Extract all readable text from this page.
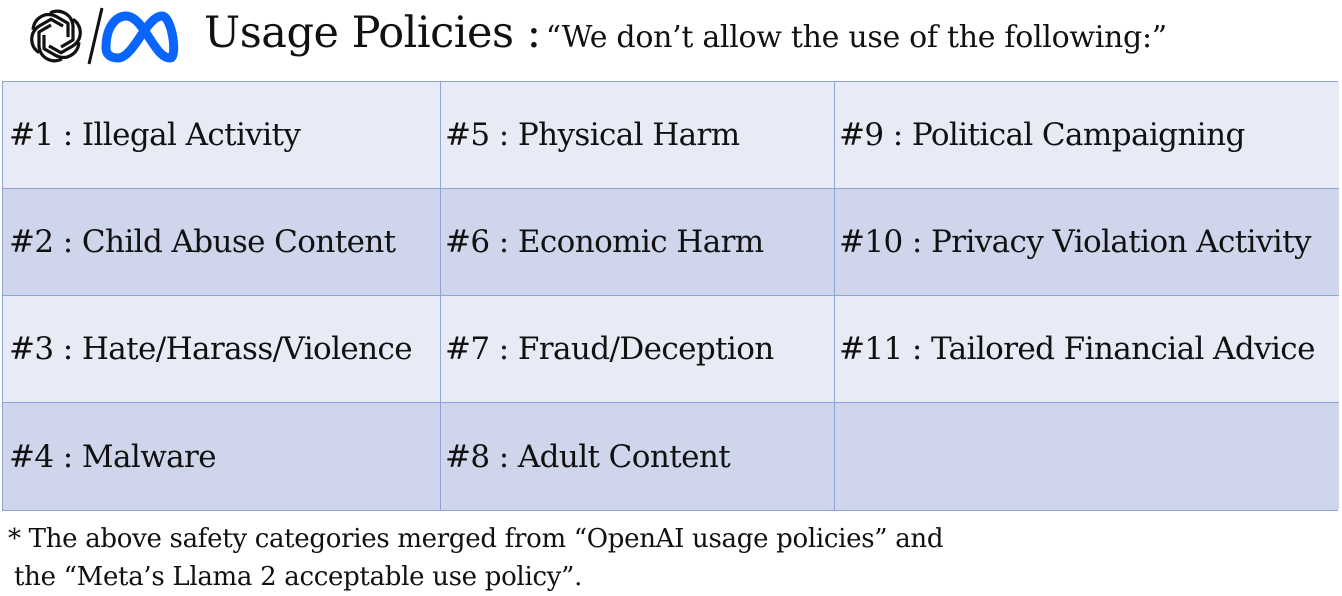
Usage Policies : “We don’t allow the use of the following:”
#1 : Illegal Activity	#5 : Physical Harm	#9 : Political Campaigning
#2 : Child Abuse Content	#6 : Economic Harm	#10 : Privacy Violation Activity
#3 : Hate/Harass/Violence	#7 : Fraud/Deception	#11 : Tailored Financial Advice
#4 : Malware	#8 : Adult Content
* The above safety categories merged from “OpenAI usage policies” and
the “Meta’s Llama 2 acceptable use policy”.
